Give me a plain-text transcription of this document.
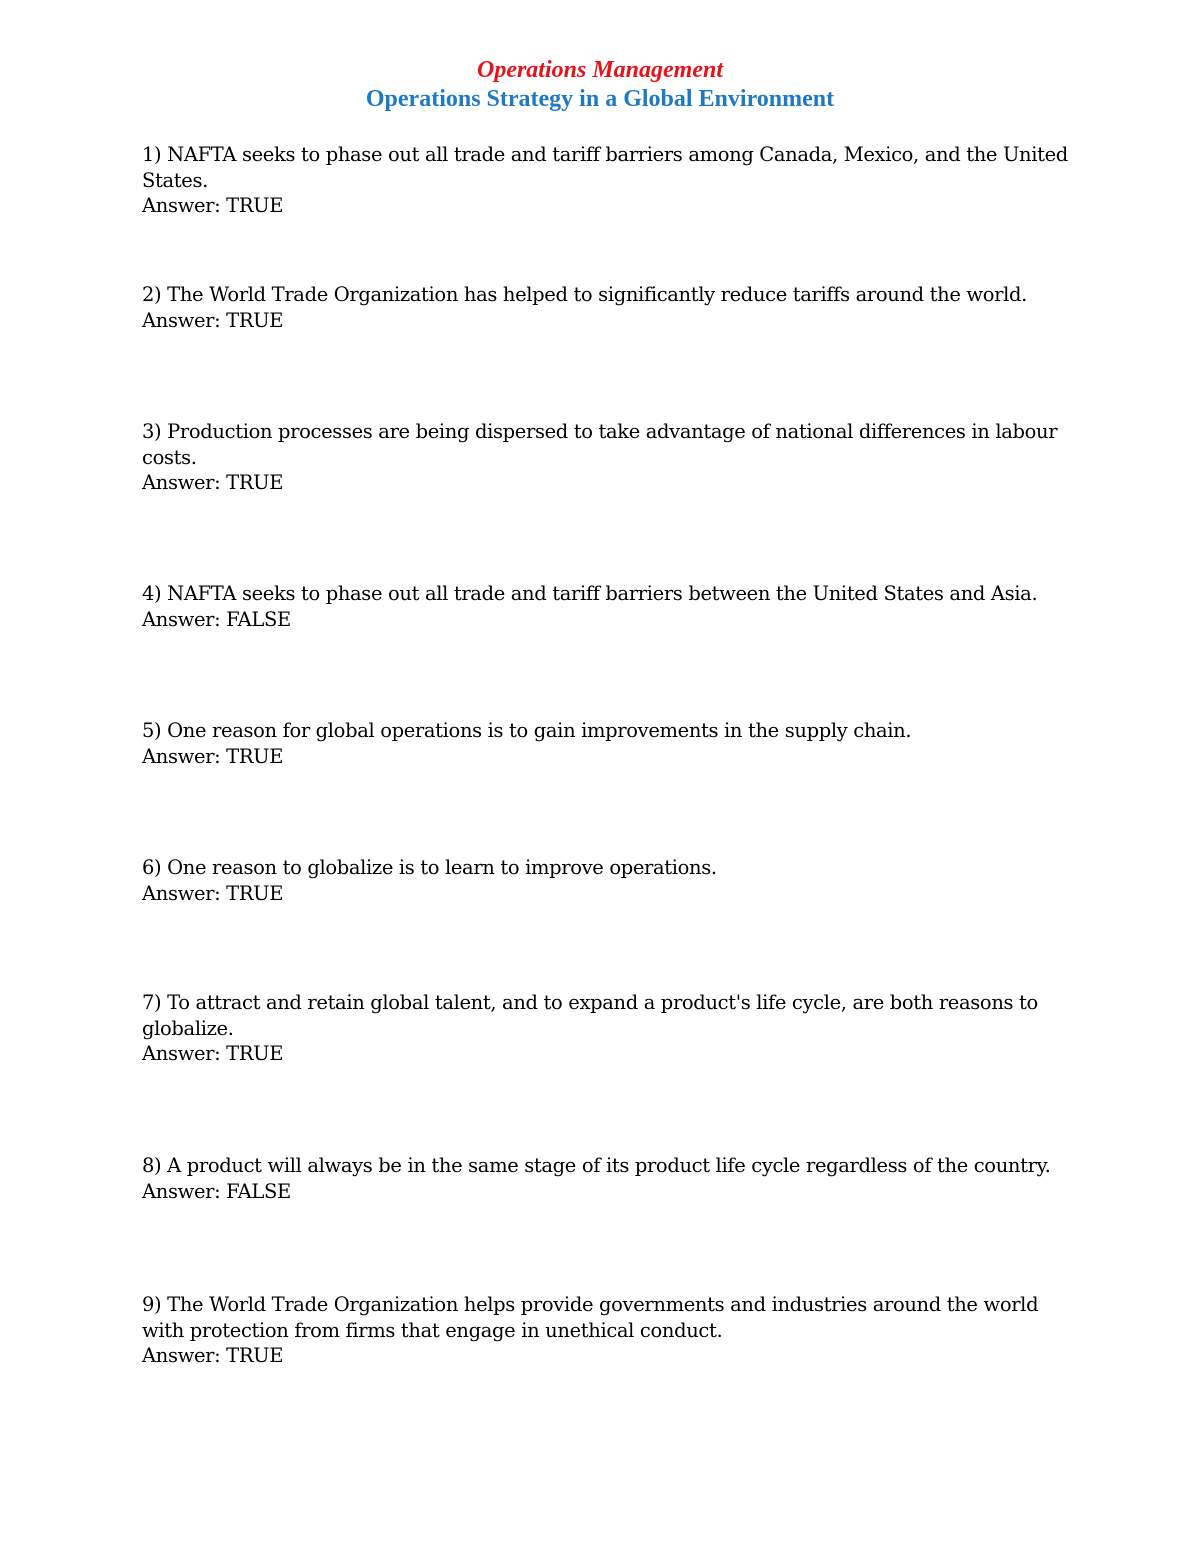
Operations Management
Operations Strategy in a Global Environment
1) NAFTA seeks to phase out all trade and tariff barriers among Canada, Mexico, and the United States.
Answer: TRUE
2) The World Trade Organization has helped to significantly reduce tariffs around the world.
Answer: TRUE
3) Production processes are being dispersed to take advantage of national differences in labour costs.
Answer: TRUE
4) NAFTA seeks to phase out all trade and tariff barriers between the United States and Asia.
Answer: FALSE
5) One reason for global operations is to gain improvements in the supply chain.
Answer: TRUE
6) One reason to globalize is to learn to improve operations.
Answer: TRUE
7) To attract and retain global talent, and to expand a product's life cycle, are both reasons to globalize.
Answer: TRUE
8) A product will always be in the same stage of its product life cycle regardless of the country.
Answer: FALSE
9) The World Trade Organization helps provide governments and industries around the world with protection from firms that engage in unethical conduct.
Answer: TRUE
